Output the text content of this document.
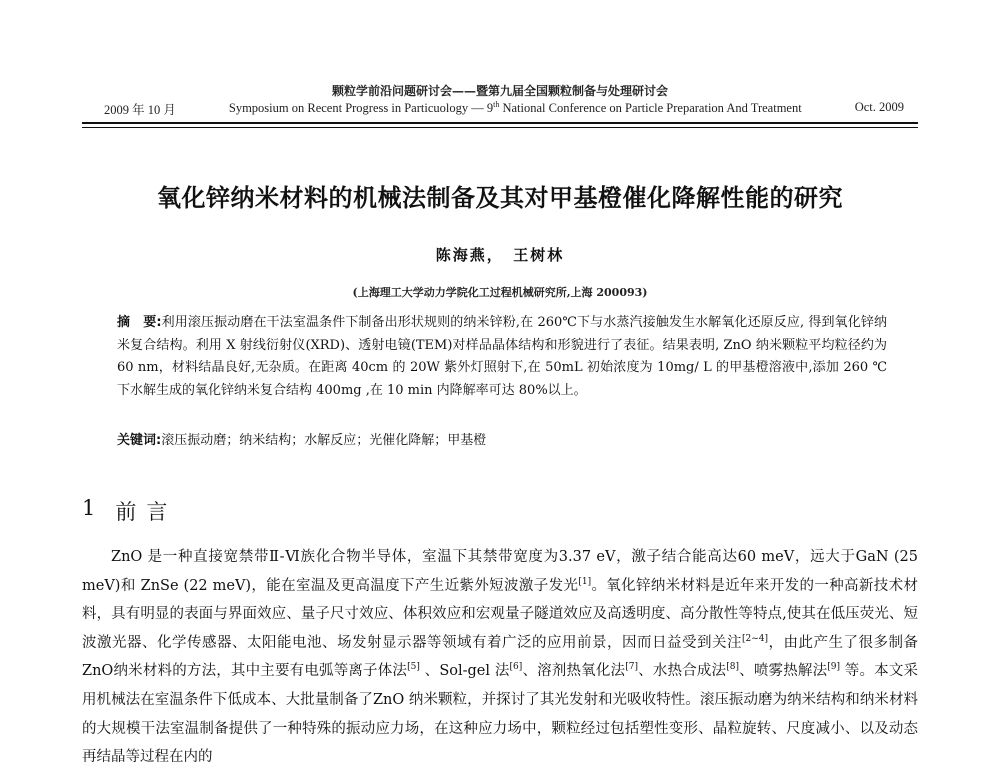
颗粒学前沿问题研讨会——暨第九届全国颗粒制备与处理研讨会
2009 年 10 月	Symposium on Recent Progress in Particuology — 9th National Conference on Particle Preparation And Treatment	Oct. 2009
氧化锌纳米材料的机械法制备及其对甲基橙催化降解性能的研究
陈海燕，　王树林
(上海理工大学动力学院化工过程机械研究所,上海 200093)
摘　要:利用滚压振动磨在干法室温条件下制备出形状规则的纳米锌粉,在 260℃下与水蒸汽接触发生水解氧化还原反应, 得到氧化锌纳米复合结构。利用 X 射线衍射仪(XRD)、透射电镜(TEM)对样品晶体结构和形貌进行了表征。结果表明, ZnO 纳米颗粒平均粒径约为 60 nm，材料结晶良好,无杂质。在距离 40cm 的 20W 紫外灯照射下,在 50mL 初始浓度为 10mg/ L 的甲基橙溶液中,添加 260 ℃下水解生成的氧化锌纳米复合结构 400mg ,在 10 min 内降解率可达 80%以上。
关键词:滚压振动磨；纳米结构；水解反应；光催化降解；甲基橙
1 前言
ZnO 是一种直接宽禁带Ⅱ-Ⅵ族化合物半导体，室温下其禁带宽度为3.37 eV，激子结合能高达60 meV，远大于GaN (25 meV)和 ZnSe (22 meV)，能在室温及更高温度下产生近紫外短波激子发光[1]。氧化锌纳米材料是近年来开发的一种高新技术材料，具有明显的表面与界面效应、量子尺寸效应、体积效应和宏观量子隧道效应及高透明度、高分散性等特点,使其在低压荧光、短波激光器、化学传感器、太阳能电池、场发射显示器等领域有着广泛的应用前景，因而日益受到关注[2~4]，由此产生了很多制备ZnO纳米材料的方法，其中主要有电弧等离子体法[5] 、Sol-gel 法[6]、溶剂热氧化法[7]、水热合成法[8]、喷雾热解法[9] 等。本文采用机械法在室温条件下低成本、大批量制备了ZnO 纳米颗粒，并探讨了其光发射和光吸收特性。滚压振动磨为纳米结构和纳米材料的大规模干法室温制备提供了一种特殊的振动应力场，在这种应力场中，颗粒经过包括塑性变形、晶粒旋转、尺度减小、以及动态再结晶等过程在内的
